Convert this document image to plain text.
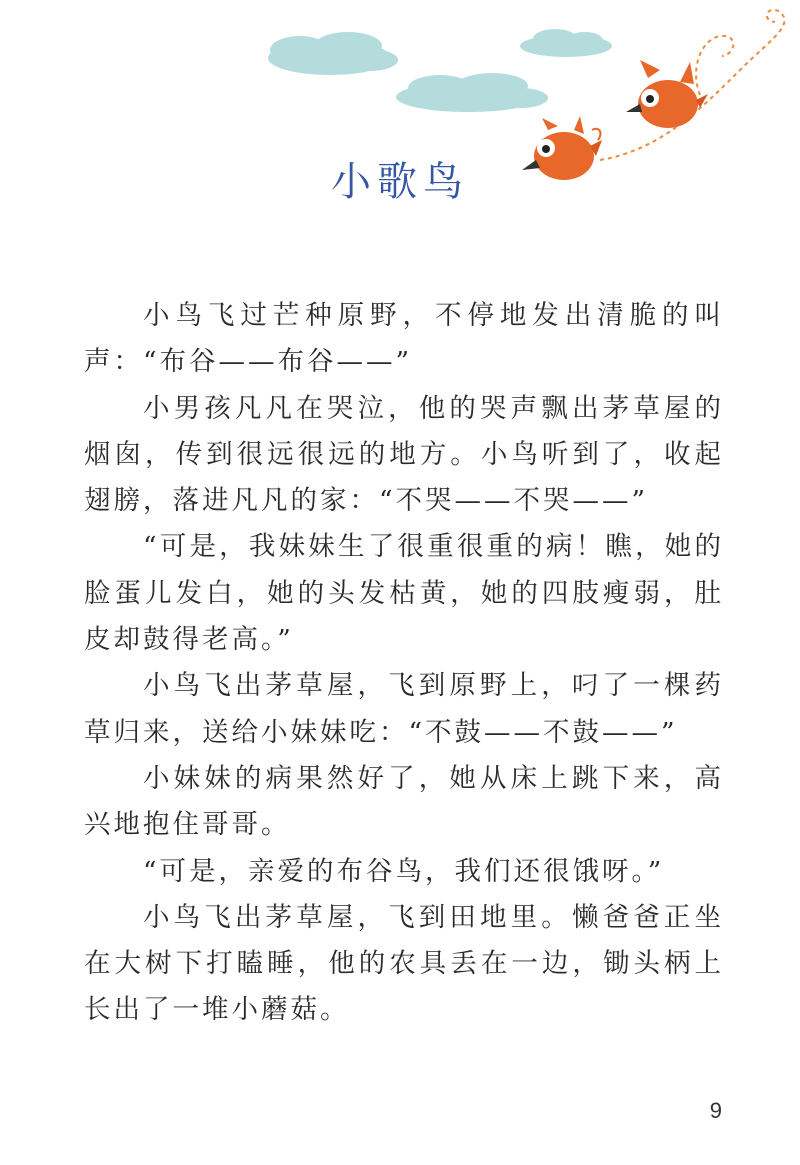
小歌鸟

小鸟飞过芒种原野，不停地发出清脆的叫声：“布谷——布谷——”

小男孩凡凡在哭泣，他的哭声飘出茅草屋的烟囱，传到很远很远的地方。小鸟听到了，收起翅膀，落进凡凡的家：“不哭——不哭——”

“可是，我妹妹生了很重很重的病！瞧，她的脸蛋儿发白，她的头发枯黄，她的四肢瘦弱，肚皮却鼓得老高。”

小鸟飞出茅草屋，飞到原野上，叼了一棵药草归来，送给小妹妹吃：“不鼓——不鼓——”

小妹妹的病果然好了，她从床上跳下来，高兴地抱住哥哥。

“可是，亲爱的布谷鸟，我们还很饿呀。”

小鸟飞出茅草屋，飞到田地里。懒爸爸正坐在大树下打瞌睡，他的农具丢在一边，锄头柄上长出了一堆小蘑菇。

9
